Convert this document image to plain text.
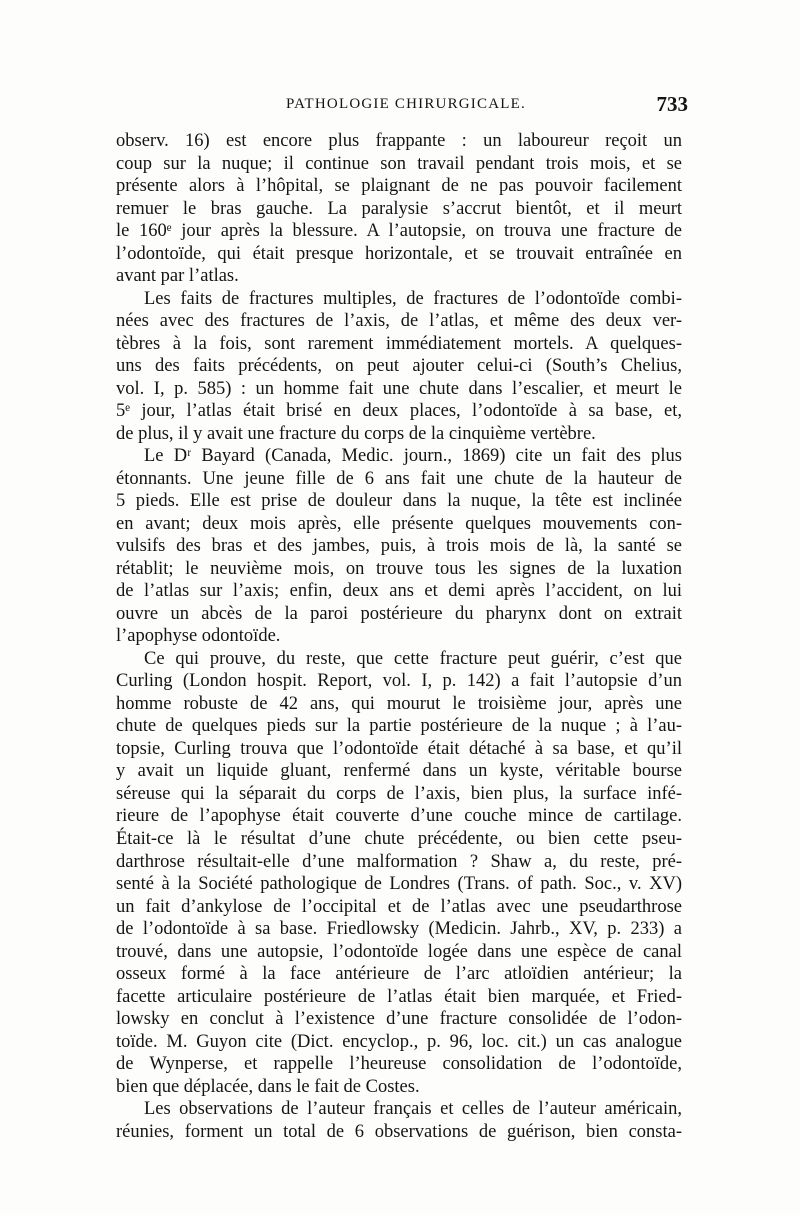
PATHOLOGIE CHIRURGICALE.	733
observ. 16) est encore plus frappante : un laboureur reçoit un
coup sur la nuque; il continue son travail pendant trois mois, et se
présente alors à l’hôpital, se plaignant de ne pas pouvoir facilement
remuer le bras gauche. La paralysie s’accrut bientôt, et il meurt
le 160ᵉ jour après la blessure. A l’autopsie, on trouva une fracture de
l’odontoïde, qui était presque horizontale, et se trouvait entraînée en
avant par l’atlas.
Les faits de fractures multiples, de fractures de l’odontoïde combi-
nées avec des fractures de l’axis, de l’atlas, et même des deux ver-
tèbres à la fois, sont rarement immédiatement mortels. A quelques-
uns des faits précédents, on peut ajouter celui-ci (South’s Chelius,
vol. I, p. 585) : un homme fait une chute dans l’escalier, et meurt le
5ᵉ jour, l’atlas était brisé en deux places, l’odontoïde à sa base, et,
de plus, il y avait une fracture du corps de la cinquième vertèbre.
Le Dʳ Bayard (Canada, Medic. journ., 1869) cite un fait des plus
étonnants. Une jeune fille de 6 ans fait une chute de la hauteur de
5 pieds. Elle est prise de douleur dans la nuque, la tête est inclinée
en avant; deux mois après, elle présente quelques mouvements con-
vulsifs des bras et des jambes, puis, à trois mois de là, la santé se
rétablit; le neuvième mois, on trouve tous les signes de la luxation
de l’atlas sur l’axis; enfin, deux ans et demi après l’accident, on lui
ouvre un abcès de la paroi postérieure du pharynx dont on extrait
l’apophyse odontoïde.
Ce qui prouve, du reste, que cette fracture peut guérir, c’est que
Curling (London hospit. Report, vol. I, p. 142) a fait l’autopsie d’un
homme robuste de 42 ans, qui mourut le troisième jour, après une
chute de quelques pieds sur la partie postérieure de la nuque ; à l’au-
topsie, Curling trouva que l’odontoïde était détaché à sa base, et qu’il
y avait un liquide gluant, renfermé dans un kyste, véritable bourse
séreuse qui la séparait du corps de l’axis, bien plus, la surface infé-
rieure de l’apophyse était couverte d’une couche mince de cartilage.
Était-ce là le résultat d’une chute précédente, ou bien cette pseu-
darthrose résultait-elle d’une malformation ? Shaw a, du reste, pré-
senté à la Société pathologique de Londres (Trans. of path. Soc., v. XV)
un fait d’ankylose de l’occipital et de l’atlas avec une pseudarthrose
de l’odontoïde à sa base. Friedlowsky (Medicin. Jahrb., XV, p. 233) a
trouvé, dans une autopsie, l’odontoïde logée dans une espèce de canal
osseux formé à la face antérieure de l’arc atloïdien antérieur; la
facette articulaire postérieure de l’atlas était bien marquée, et Fried-
lowsky en conclut à l’existence d’une fracture consolidée de l’odon-
toïde. M. Guyon cite (Dict. encyclop., p. 96, loc. cit.) un cas analogue
de Wynperse, et rappelle l’heureuse consolidation de l’odontoïde,
bien que déplacée, dans le fait de Costes.
Les observations de l’auteur français et celles de l’auteur américain,
réunies, forment un total de 6 observations de guérison, bien consta-
